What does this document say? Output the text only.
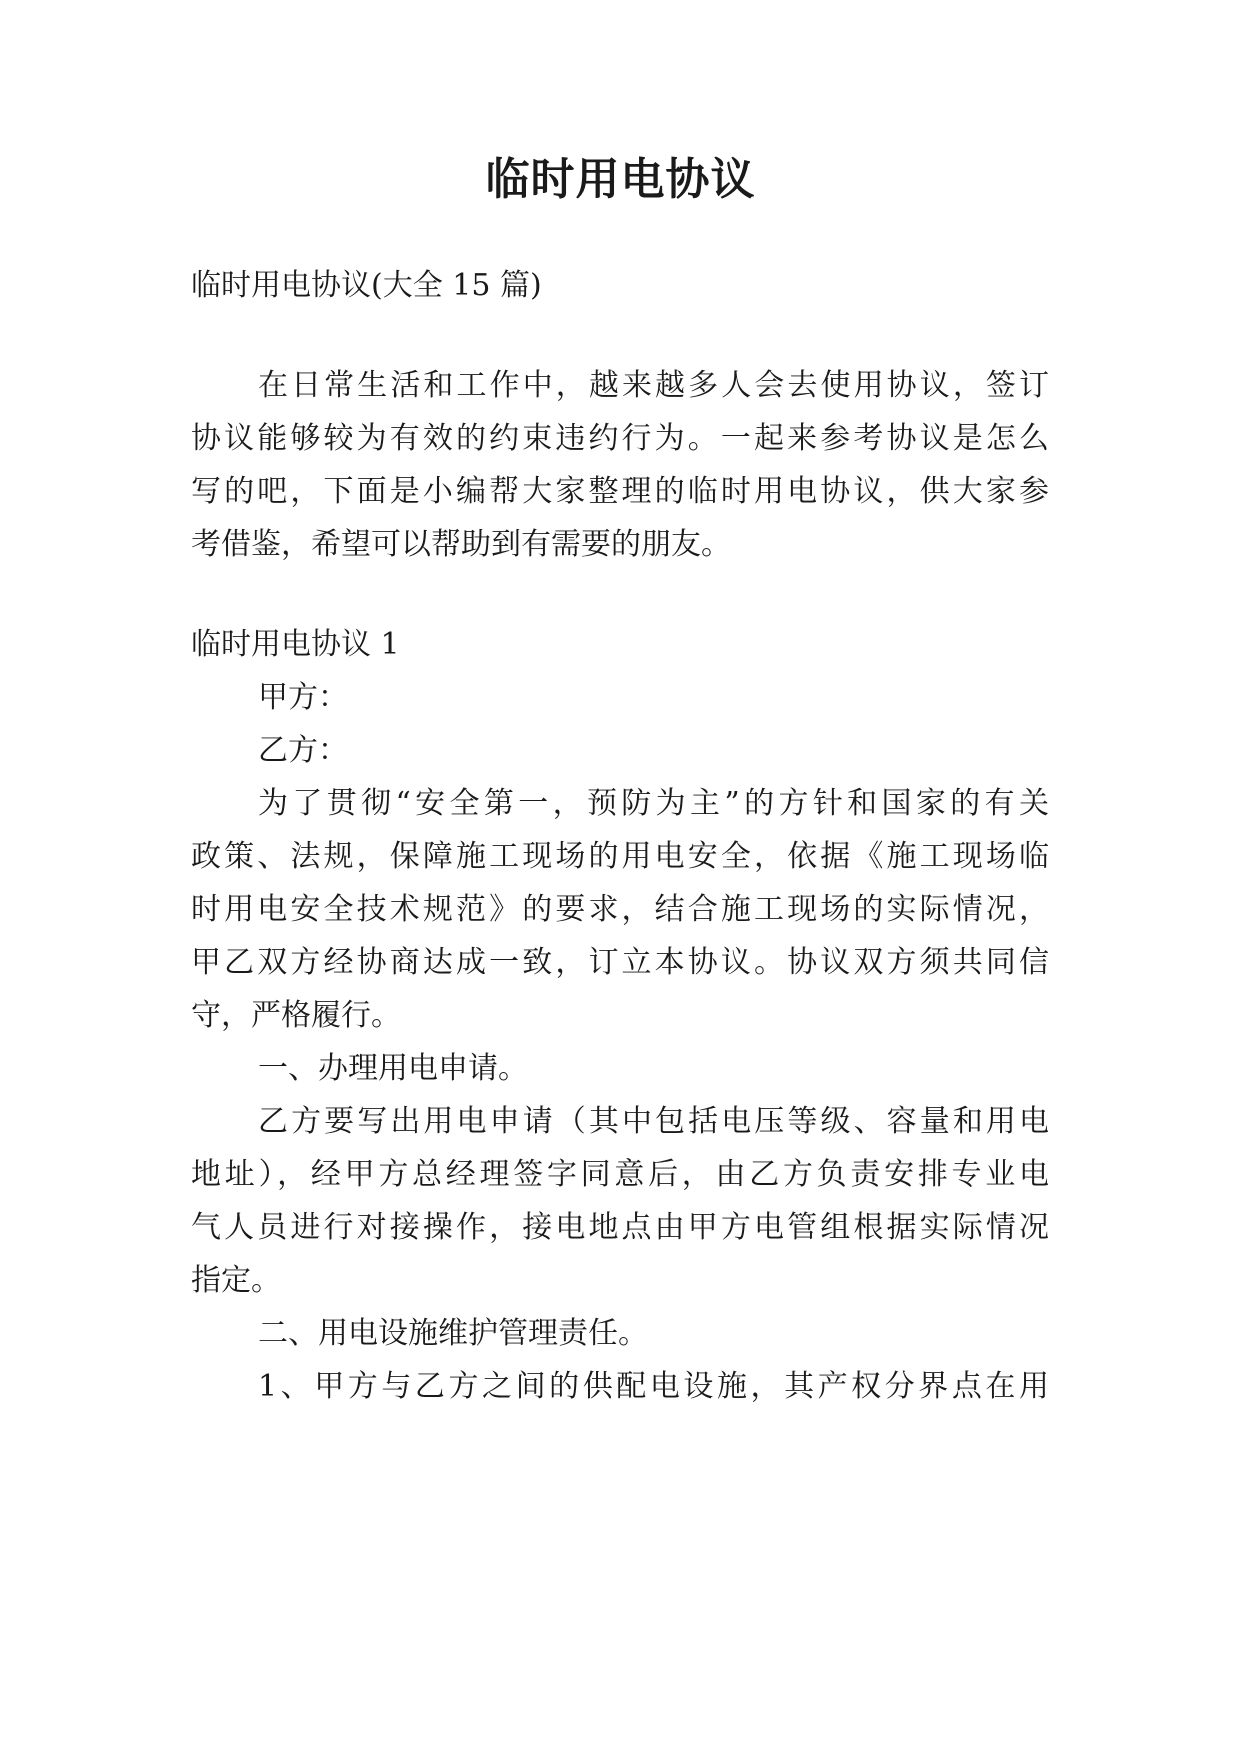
临时用电协议
临时用电协议(大全 15 篇)
在日常生活和工作中，越来越多人会去使用协议，签订
协议能够较为有效的约束违约行为。一起来参考协议是怎么
写的吧，下面是小编帮大家整理的临时用电协议，供大家参
考借鉴，希望可以帮助到有需要的朋友。
临时用电协议 1
甲方：
乙方：
为了贯彻“安全第一，预防为主”的方针和国家的有关
政策、法规，保障施工现场的用电安全，依据《施工现场临
时用电安全技术规范》的要求，结合施工现场的实际情况，
甲乙双方经协商达成一致，订立本协议。协议双方须共同信
守，严格履行。
一、办理用电申请。
乙方要写出用电申请（其中包括电压等级、容量和用电
地址），经甲方总经理签字同意后，由乙方负责安排专业电
气人员进行对接操作，接电地点由甲方电管组根据实际情况
指定。
二、用电设施维护管理责任。
1、甲方与乙方之间的供配电设施，其产权分界点在用
